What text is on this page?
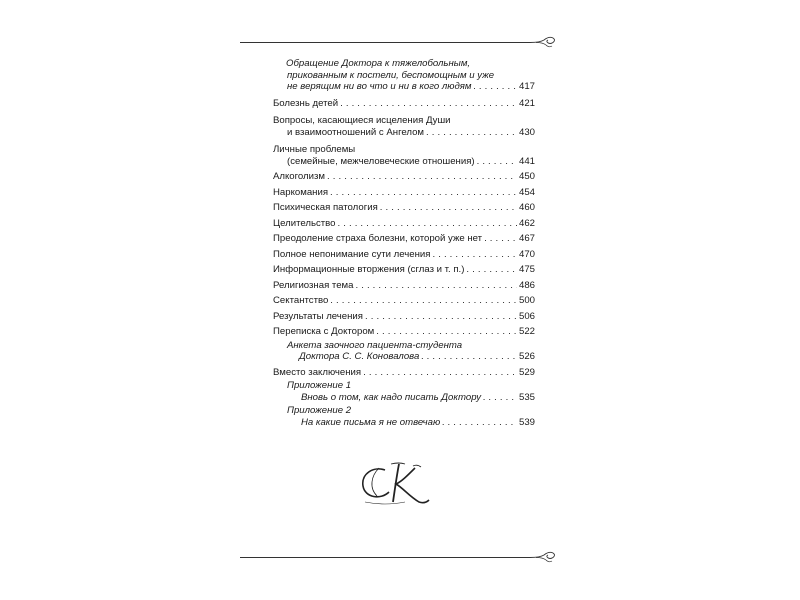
Обращение Доктора к тяжелобольным,
прикованным к постели, беспомощным и уже
не верящим ни во что и ни в кого людям . . .	417
Болезнь детей . . .	421
Вопросы, касающиеся исцеления Души
и взаимоотношений с Ангелом . . .	430
Личные проблемы
(семейные, межчеловеческие отношения) . . .	441
Алкоголизм . . .	450
Наркомания . . .	454
Психическая патология . . .	460
Целительство . . .	462
Преодоление страха болезни, которой уже нет . . .	467
Полное непонимание сути лечения . . .	470
Информационные вторжения (сглаз и т. п.) . . .	475
Религиозная тема . . .	486
Сектантство . . .	500
Результаты лечения . . .	506
Переписка с Доктором . . .	522
Анкета заочного пациента-студента
Доктора С. С. Коновалова . . .	526
Вместо заключения . . .	529
Приложение 1
Вновь о том, как надо писать Доктору . . .	535
Приложение 2
На какие письма я не отвечаю . . .	539
